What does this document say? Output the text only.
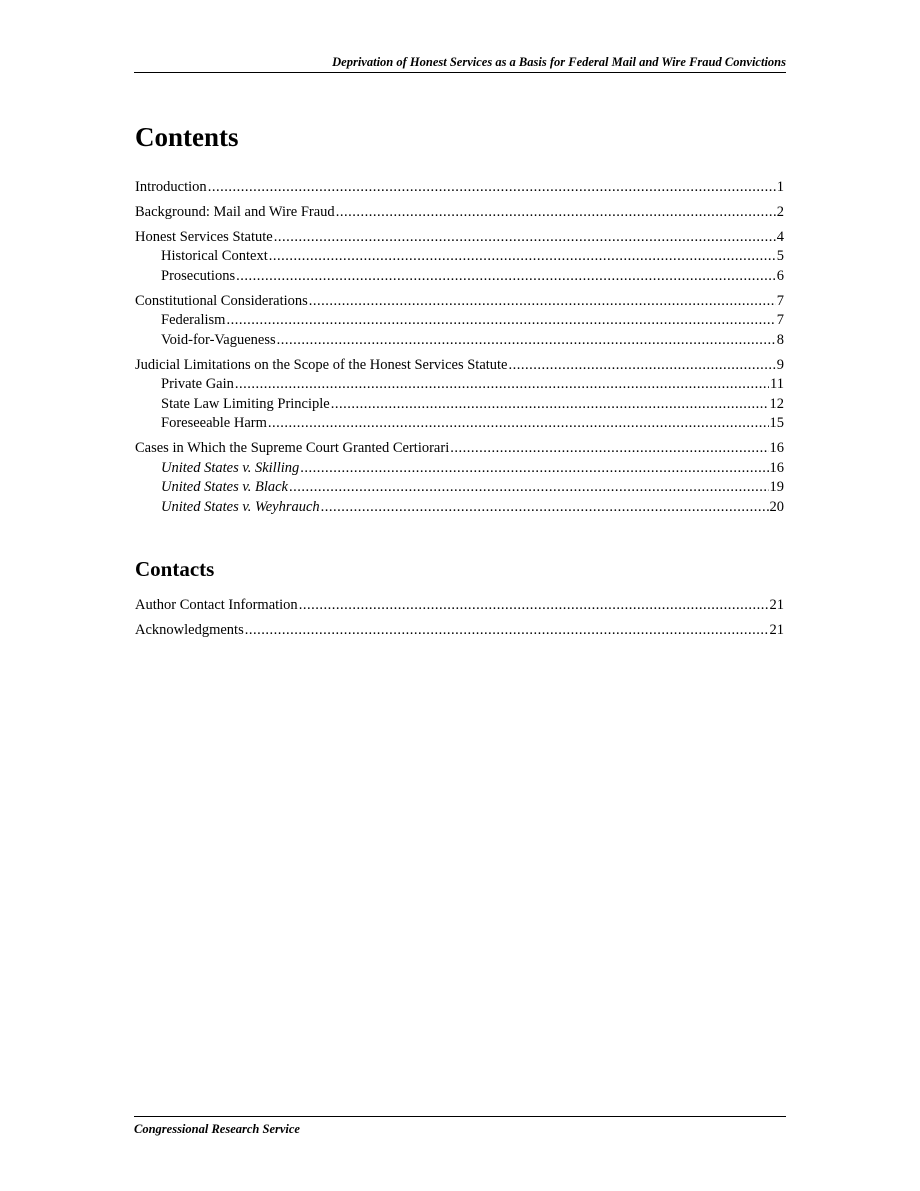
Deprivation of Honest Services as a Basis for Federal Mail and Wire Fraud Convictions
Contents
Introduction .....	1
Background: Mail and Wire Fraud .....	2
Honest Services Statute .....	4
Historical Context .....	5
Prosecutions .....	6
Constitutional Considerations .....	7
Federalism .....	7
Void-for-Vagueness .....	8
Judicial Limitations on the Scope of the Honest Services Statute .....	9
Private Gain .....	11
State Law Limiting Principle .....	12
Foreseeable Harm .....	15
Cases in Which the Supreme Court Granted Certiorari .....	16
United States v. Skilling .....	16
United States v. Black .....	19
United States v. Weyhrauch .....	20
Contacts
Author Contact Information .....	21
Acknowledgments .....	21
Congressional Research Service
